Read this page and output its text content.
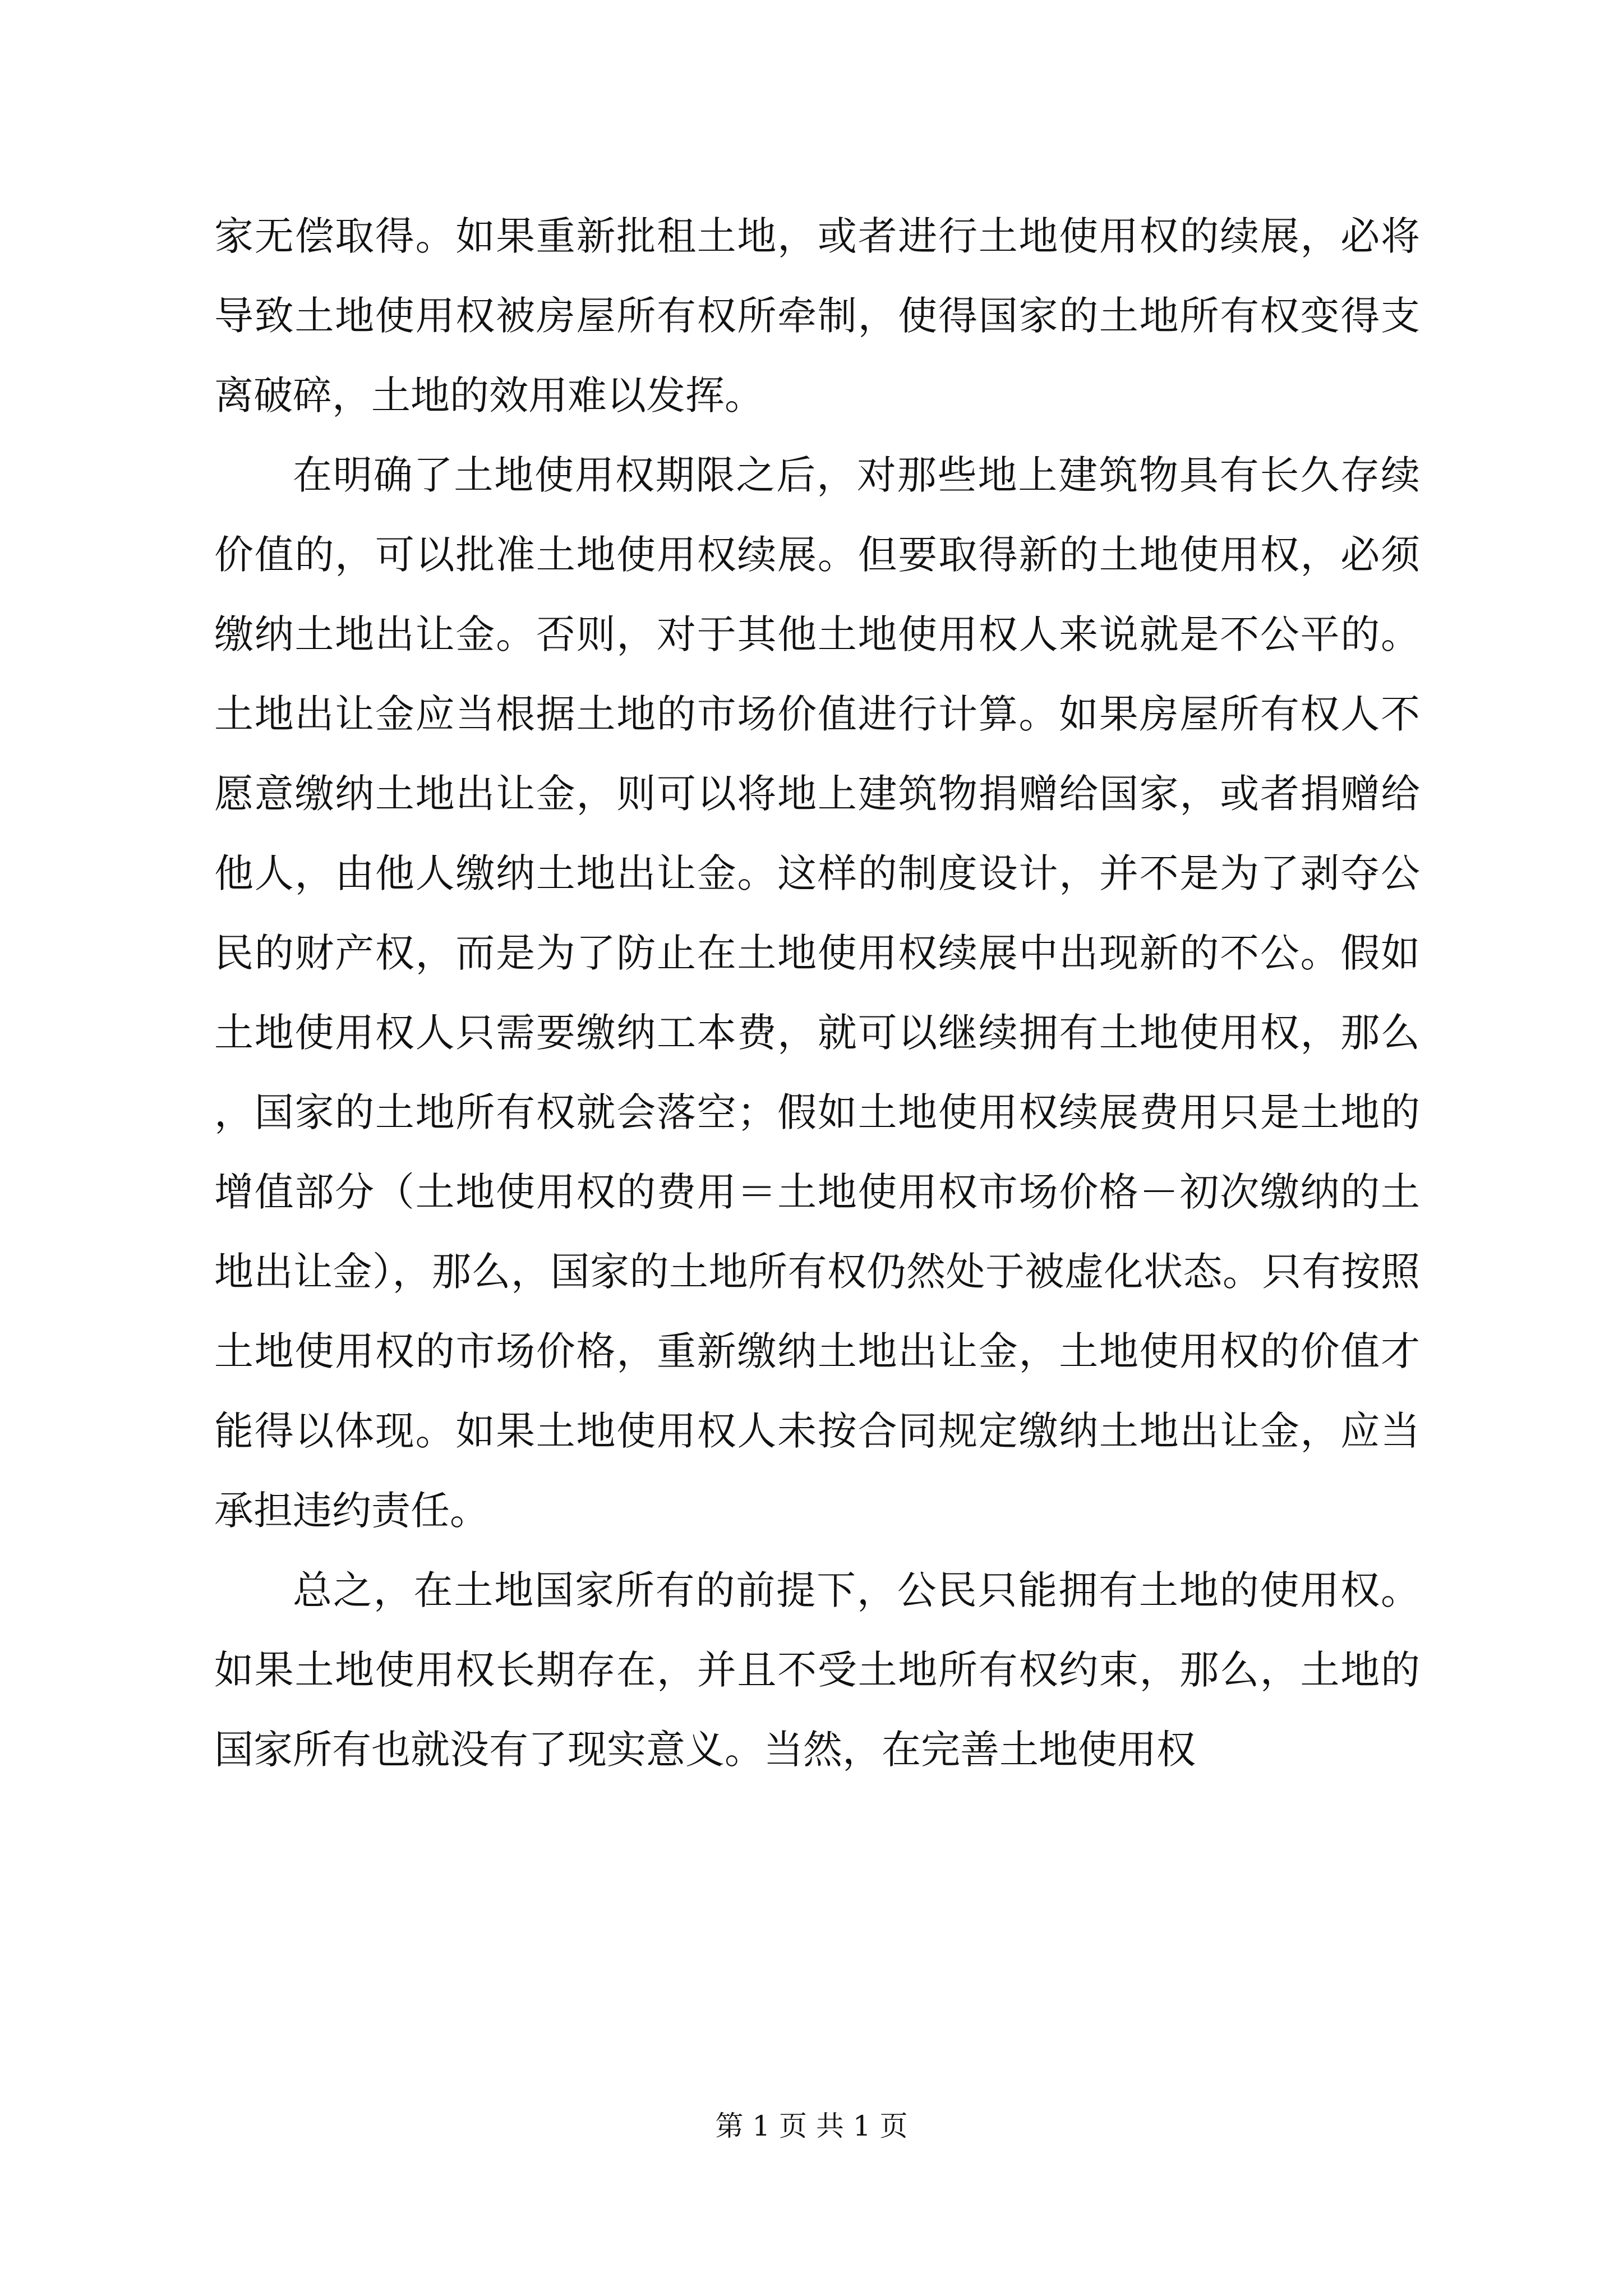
家无偿取得。如果重新批租土地，或者进行土地使用权的续展，必将导致土地使用权被房屋所有权所牵制，使得国家的土地所有权变得支离破碎，土地的效用难以发挥。

在明确了土地使用权期限之后，对那些地上建筑物具有长久存续价值的，可以批准土地使用权续展。但要取得新的土地使用权，必须缴纳土地出让金。否则，对于其他土地使用权人来说就是不公平的。土地出让金应当根据土地的市场价值进行计算。如果房屋所有权人不愿意缴纳土地出让金，则可以将地上建筑物捐赠给国家，或者捐赠给他人，由他人缴纳土地出让金。这样的制度设计，并不是为了剥夺公民的财产权，而是为了防止在土地使用权续展中出现新的不公。假如土地使用权人只需要缴纳工本费，就可以继续拥有土地使用权，那么，国家的土地所有权就会落空；假如土地使用权续展费用只是土地的增值部分（土地使用权的费用＝土地使用权市场价格－初次缴纳的土地出让金），那么，国家的土地所有权仍然处于被虚化状态。只有按照土地使用权的市场价格，重新缴纳土地出让金，土地使用权的价值才能得以体现。如果土地使用权人未按合同规定缴纳土地出让金，应当承担违约责任。

总之，在土地国家所有的前提下，公民只能拥有土地的使用权。如果土地使用权长期存在，并且不受土地所有权约束，那么，土地的国家所有也就没有了现实意义。当然，在完善土地使用权

第 1 页 共 1 页
